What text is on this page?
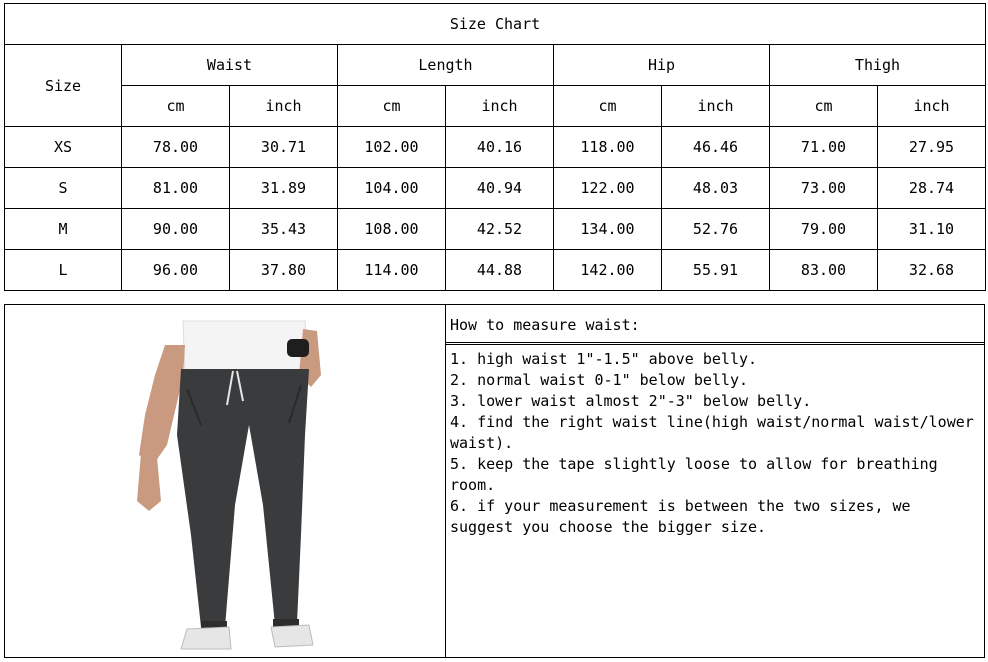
Size Chart								
Size	Waist		Length		Hip		Thigh	
	cm	inch	cm	inch	cm	inch	cm	inch
XS	78.00	30.71	102.00	40.16	118.00	46.46	71.00	27.95
S	81.00	31.89	104.00	40.94	122.00	48.03	73.00	28.74
M	90.00	35.43	108.00	42.52	134.00	52.76	79.00	31.10
L	96.00	37.80	114.00	44.88	142.00	55.91	83.00	32.68
How to measure waist:

1. high waist 1"-1.5" above belly.

2. normal waist 0-1" below belly.

3. lower waist almost 2"-3" below belly.

4. find the right waist line(high waist/normal waist/lower waist).

5. keep the tape slightly loose to allow for breathing room.

6. if your measurement is between the two sizes, we suggest you choose the bigger size.
